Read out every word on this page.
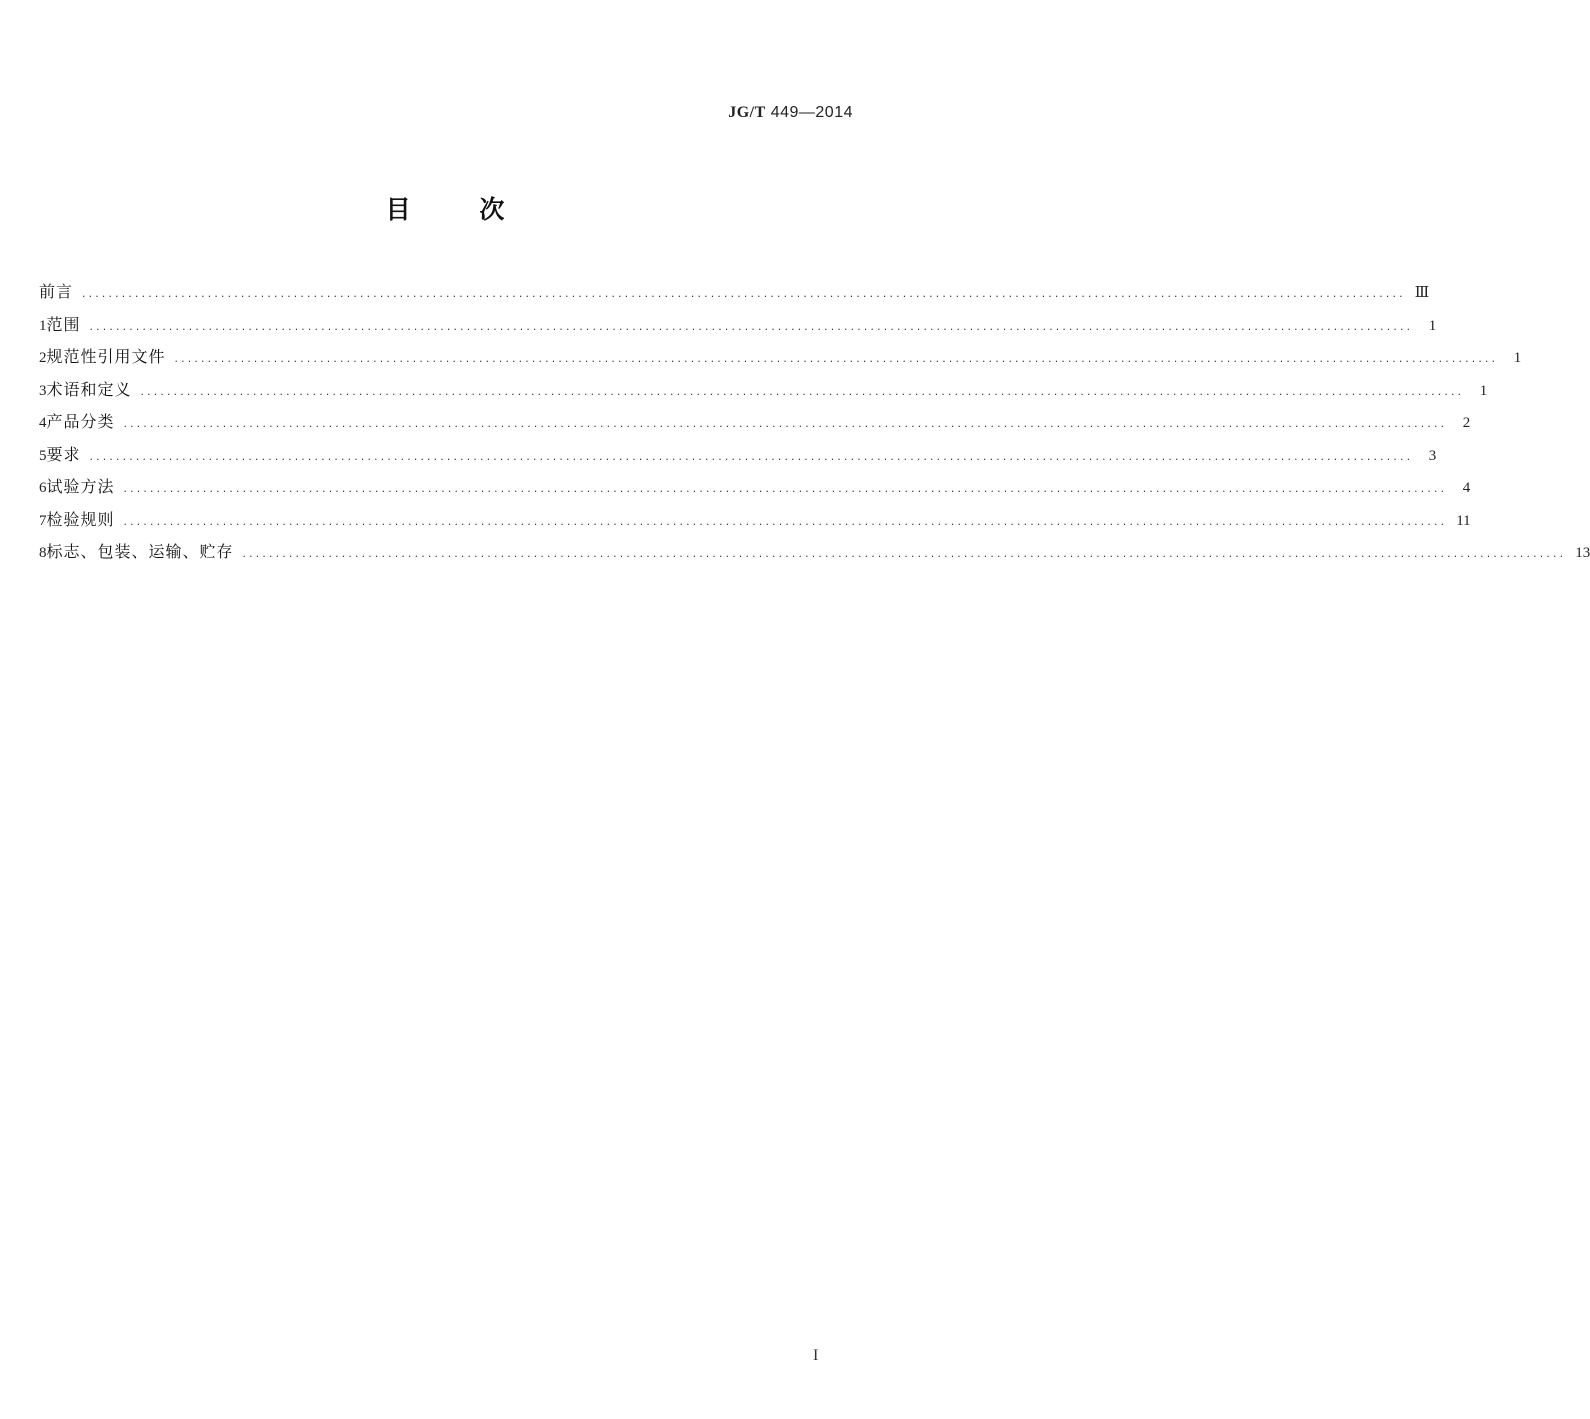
JG/T 449—2014
目	次
前言 ........................................................................................................................................................................................................ Ⅲ
1 范围 ........................................................................................................................................................................................................	1
2 规范性引用文件 ........................................................................................................................................................................................................	1
3 术语和定义 ........................................................................................................................................................................................................	1
4 产品分类 ........................................................................................................................................................................................................	2
5 要求 ........................................................................................................................................................................................................	3
6 试验方法 ........................................................................................................................................................................................................	4
7 检验规则 ........................................................................................................................................................................................................ 11
8 标志、包装、运输、贮存 ........................................................................................................................................................................................................ 13
I
